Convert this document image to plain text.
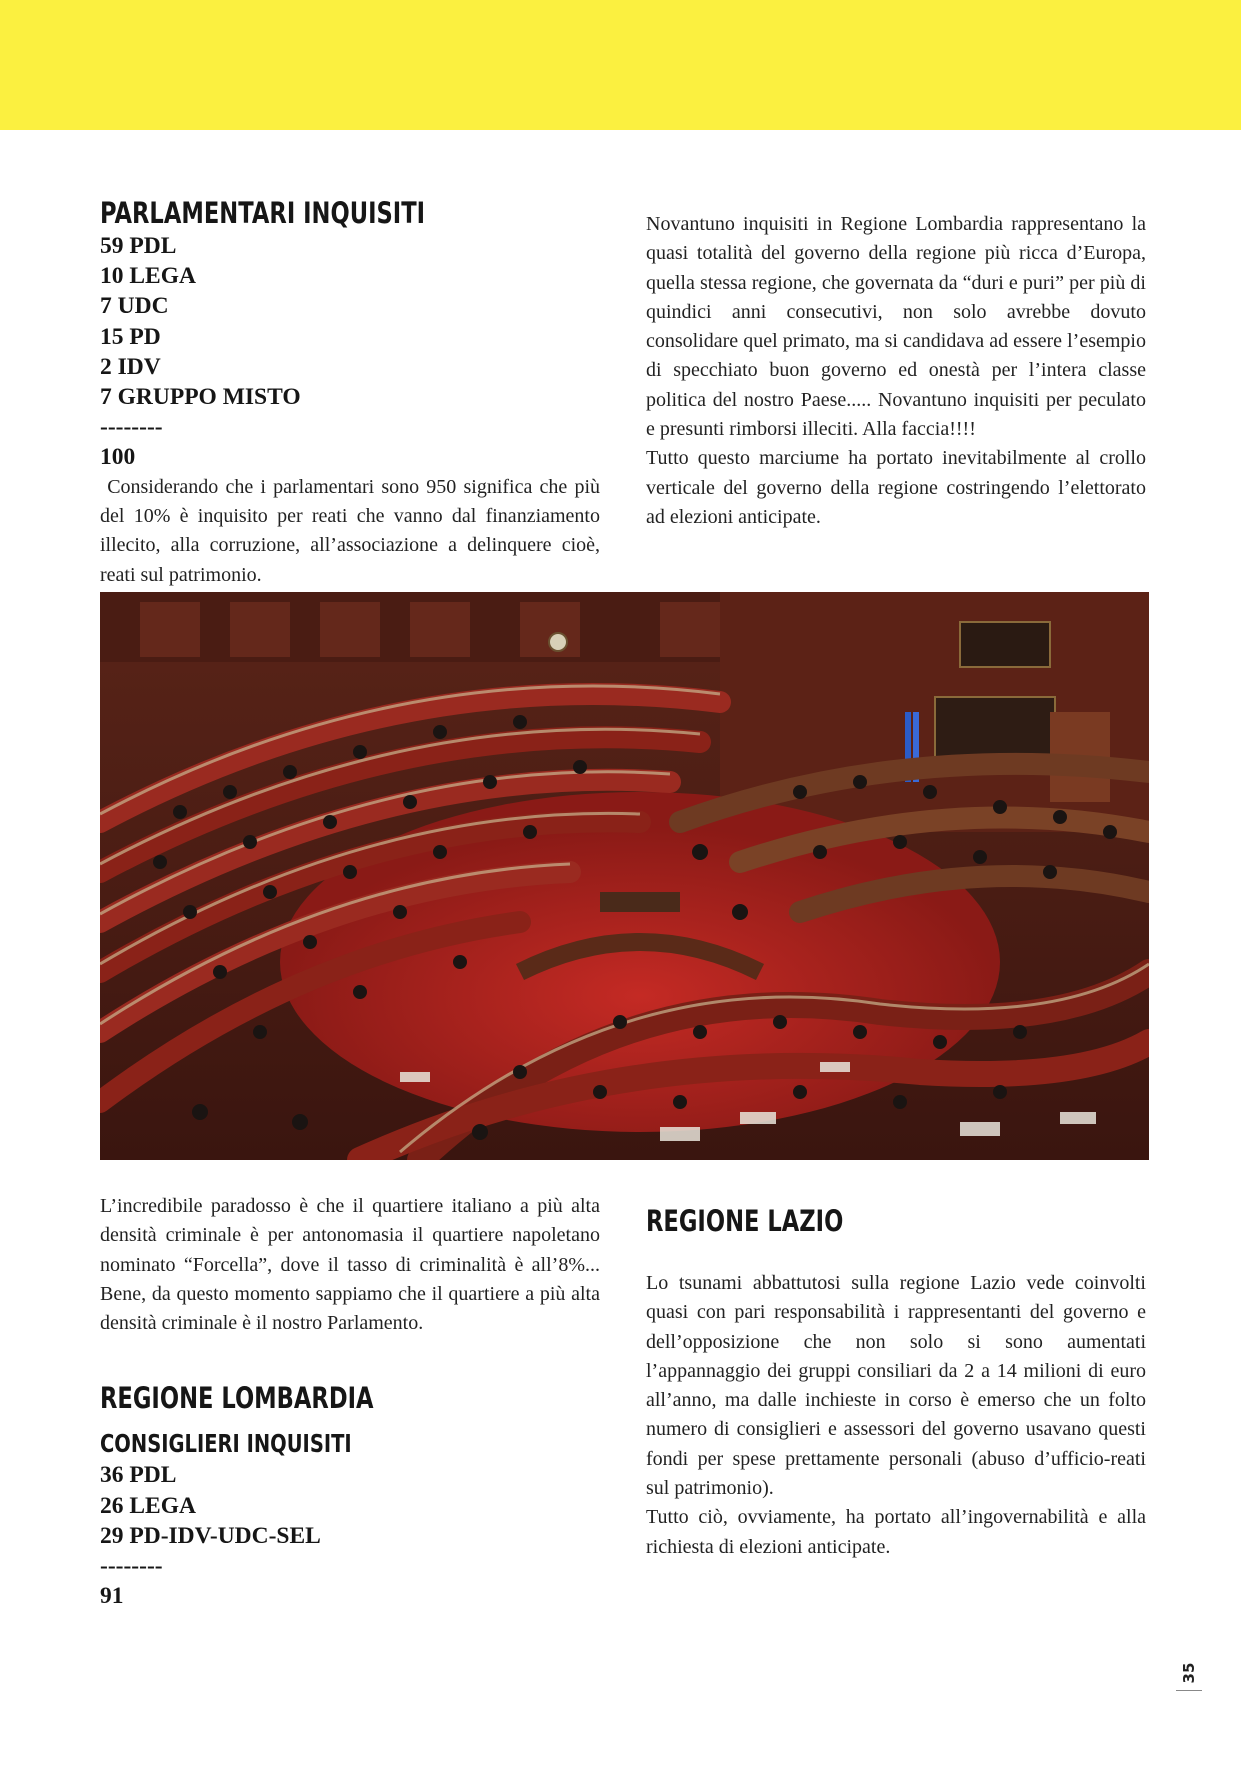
PARLAMENTARI INQUISITI
59 PDL
10 LEGA
7 UDC
15 PD
2 IDV
7 GRUPPO MISTO
--------
100

Considerando che i parlamentari sono 950 significa che più del 10% è inquisito per reati che vanno dal finanziamento illecito, alla corruzione, all’associazione a delinquere cioè, reati sul patrimonio.

Novantuno inquisiti in Regione Lombardia rappresentano la quasi totalità del governo della regione più ricca d’Europa, quella stessa regione, che governata da “duri e puri” per più di quindici anni consecutivi, non solo avrebbe dovuto consolidare quel primato, ma si candidava ad essere l’esempio di specchiato buon governo ed onestà per l’intera classe politica del nostro Paese..... Novantuno inquisiti per peculato e presunti rimborsi illeciti. Alla faccia!!!!

Tutto questo marciume ha portato inevitabilmente al crollo verticale del governo della regione costringendo l’elettorato ad elezioni anticipate.

L’incredibile paradosso è che il quartiere italiano a più alta densità criminale è per antonomasia il quartiere napoletano nominato “Forcella”, dove il tasso di criminalità è all’8%... Bene, da questo momento sappiamo che il quartiere a più alta densità criminale è il nostro Parlamento.

REGIONE LOMBARDIA
CONSIGLIERI INQUISITI
36 PDL
26 LEGA
29 PD-IDV-UDC-SEL
--------
91
REGIONE LAZIO

Lo tsunami abbattutosi sulla regione Lazio vede coinvolti quasi con pari responsabilità i rappresentanti del governo e dell’opposizione che non solo si sono aumentati l’appannaggio dei gruppi consiliari da 2 a 14 milioni di euro all’anno, ma dalle inchieste in corso è emerso che un folto numero di consiglieri e assessori del governo usavano questi fondi per spese prettamente personali (abuso d’ufficio-reati sul patrimonio).

Tutto ciò, ovviamente, ha portato all’ingovernabilità e alla richiesta di elezioni anticipate.

35
